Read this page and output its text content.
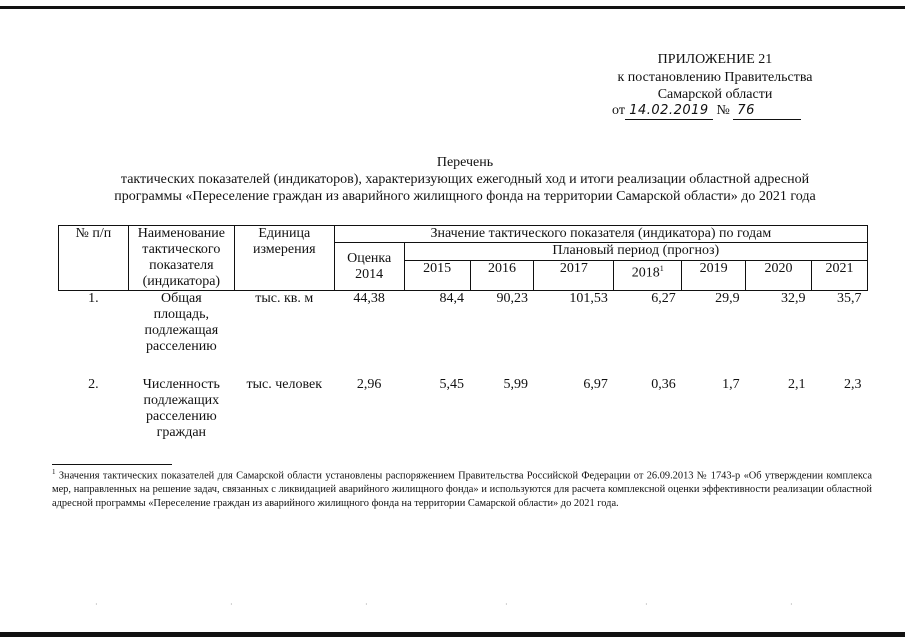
ПРИЛОЖЕНИЕ 21
к постановлению Правительства
Самарской области
от 14.02.2019 № 76
Перечень
тактических показателей (индикаторов), характеризующих ежегодный ход и итоги реализации областной адресной
программы «Переселение граждан из аварийного жилищного фонда на территории Самарской области» до 2021 года
№ п/п	Наименование тактического показателя (индикатора)	Единица измерения	Значение тактического показателя (индикатора) по годам							
			Оценка 2014	Плановый период (прогноз)						
				2015	2016	2017	2018$^1$	2019	2020	2021
1.	Общая площадь, подлежащая расселению	тыс. кв. м	44,38	84,4	90,23	101,53	6,27	29,9	32,9	35,7
2.	Численность подлежащих расселению граждан	тыс. человек	2,96	5,45	5,99	6,97	0,36	1,7	2,1	2,3
$^1$ Значения тактических показателей для Самарской области установлены распоряжением Правительства Российской Федерации от 26.09.2013 № 1743-р «Об утверждении комплекса мер, направленных на решение задач, связанных с ликвидацией аварийного жилищного фонда» и используются для расчета комплексной оценки эффективности реализации областной адресной программы «Переселение граждан из аварийного жилищного фонда на территории Самарской области» до 2021 года.
·	·	·	·	·	·
